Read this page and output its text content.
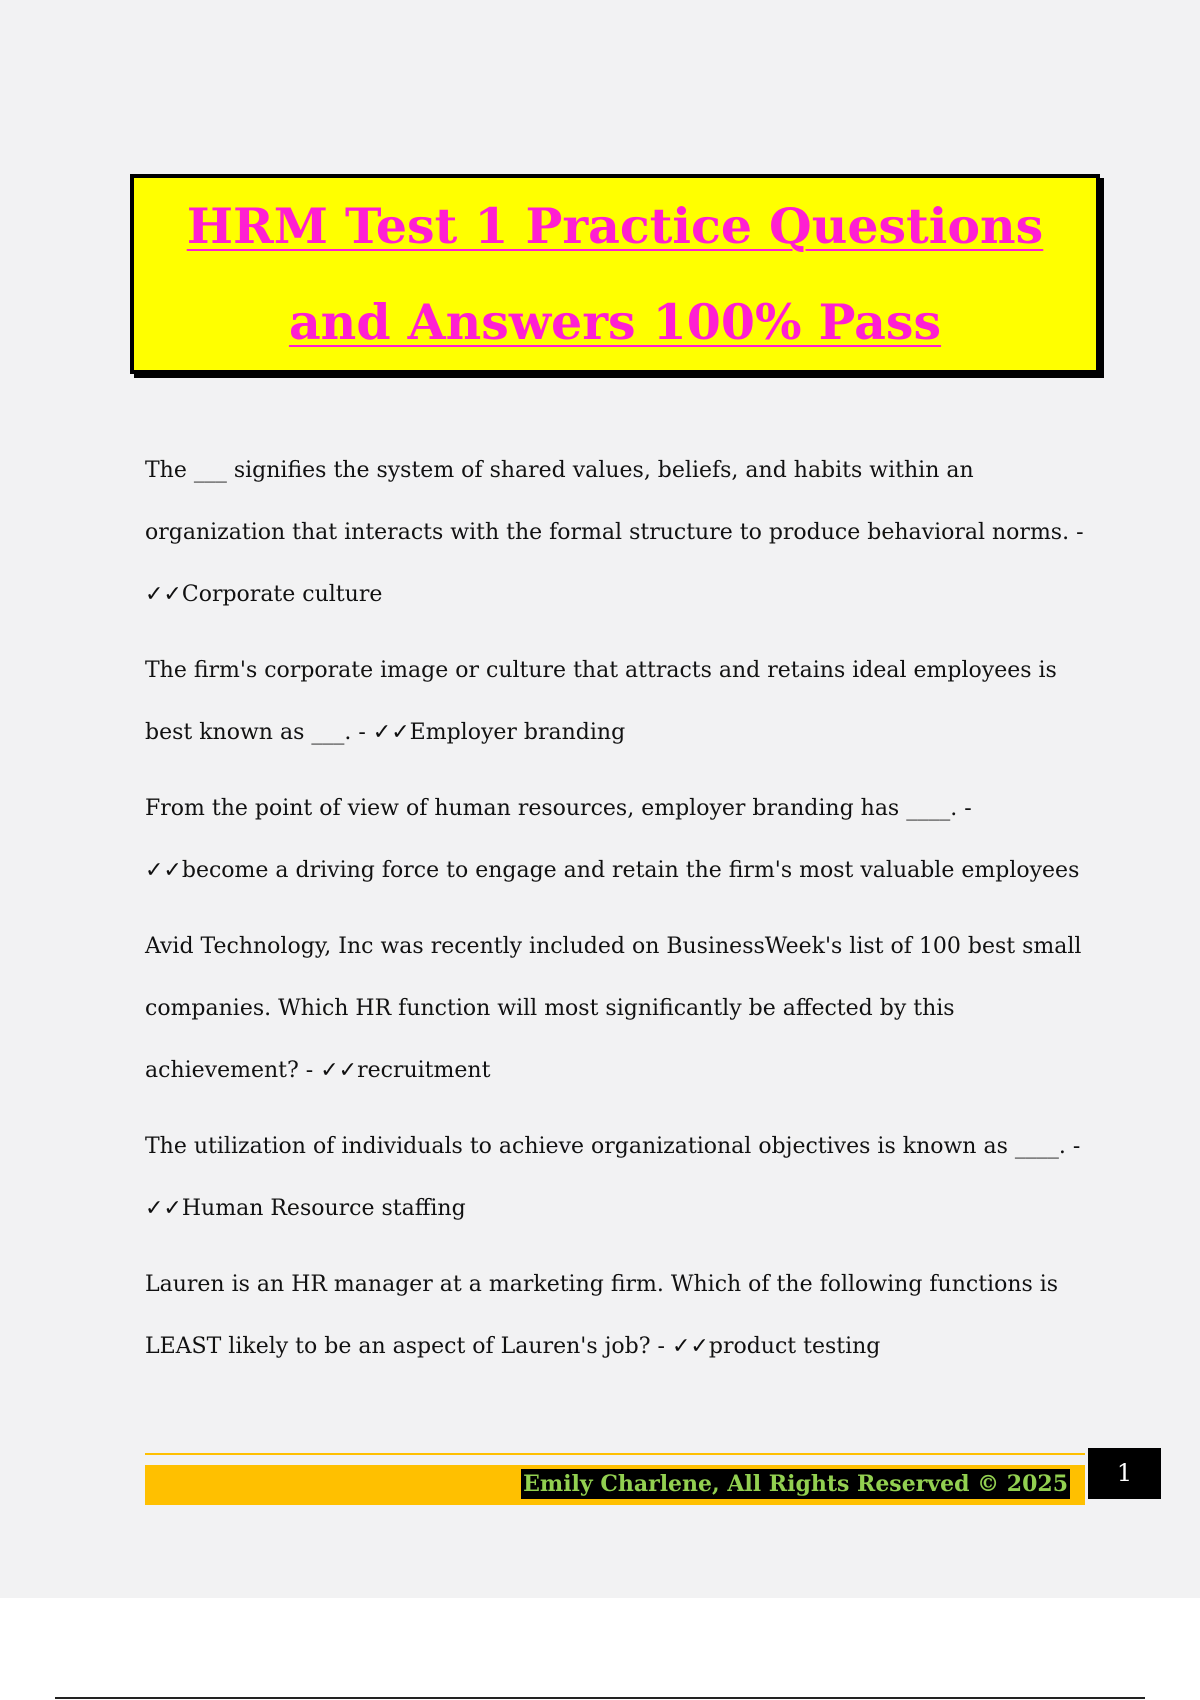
HRM Test 1 Practice Questions and Answers 100% Pass

The ___ signifies the system of shared values, beliefs, and habits within an organization that interacts with the formal structure to produce behavioral norms. - ✓✓Corporate culture

The firm's corporate image or culture that attracts and retains ideal employees is best known as ___. - ✓✓Employer branding

From the point of view of human resources, employer branding has ____. - ✓✓become a driving force to engage and retain the firm's most valuable employees

Avid Technology, Inc was recently included on BusinessWeek's list of 100 best small companies. Which HR function will most significantly be affected by this achievement? - ✓✓recruitment

The utilization of individuals to achieve organizational objectives is known as ____. - ✓✓Human Resource staffing

Lauren is an HR manager at a marketing firm. Which of the following functions is LEAST likely to be an aspect of Lauren's job? - ✓✓product testing

Emily Charlene, All Rights Reserved © 2025	1
